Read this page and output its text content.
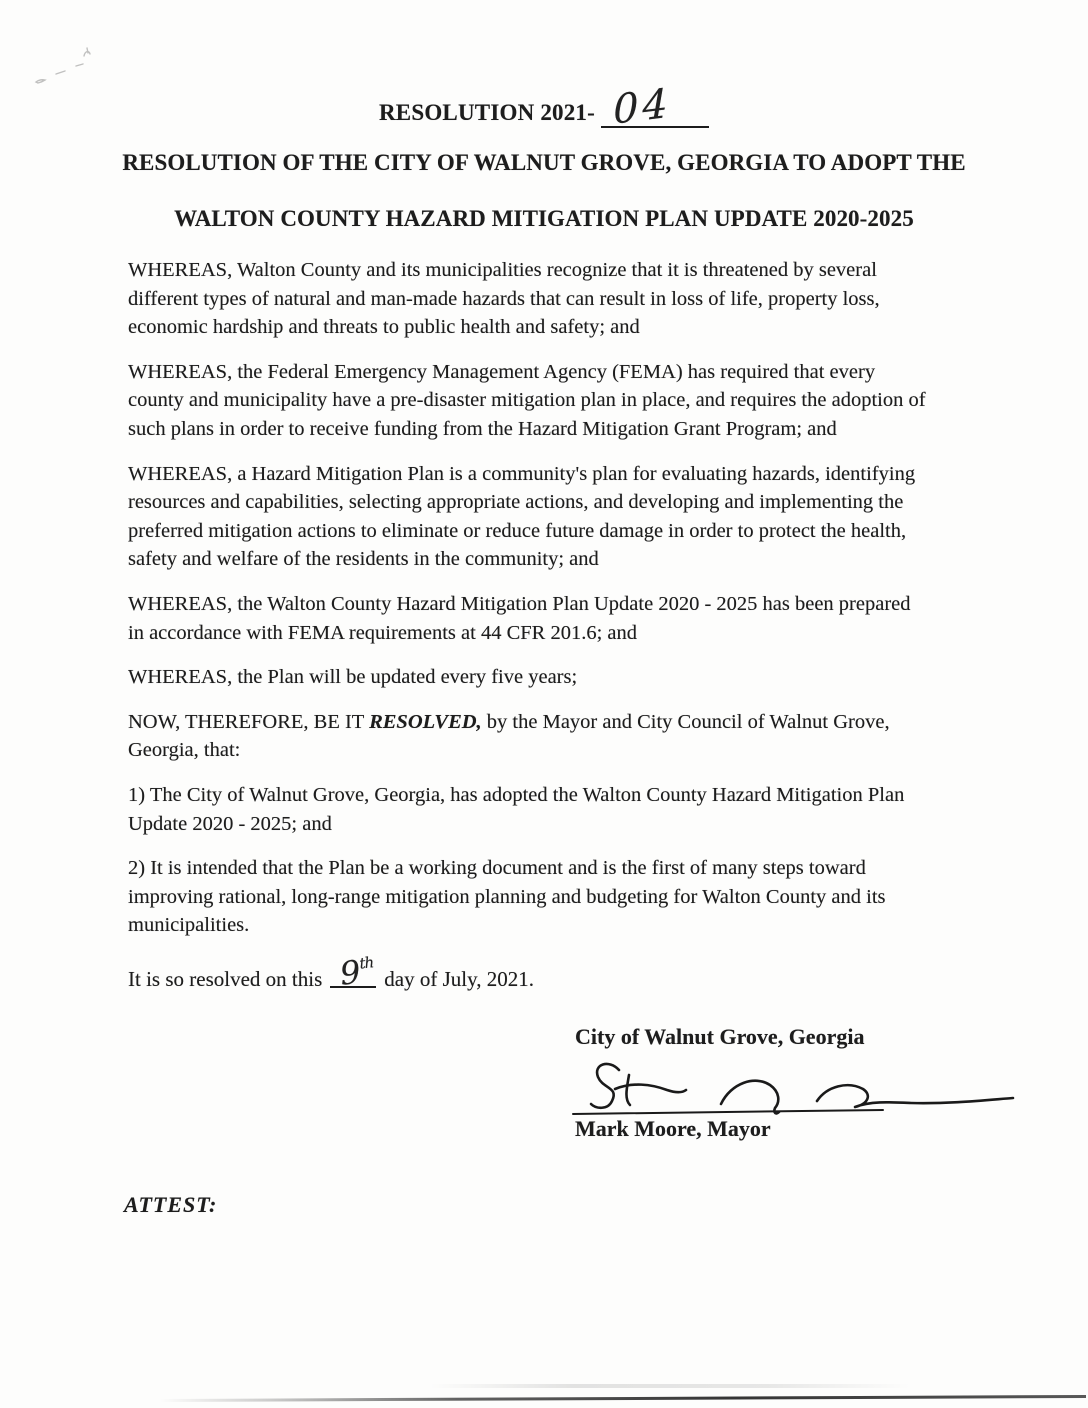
RESOLUTION 2021- 04
RESOLUTION OF THE CITY OF WALNUT GROVE, GEORGIA TO ADOPT THE
WALTON COUNTY HAZARD MITIGATION PLAN UPDATE 2020-2025

WHEREAS, Walton County and its municipalities recognize that it is threatened by several
different types of natural and man-made hazards that can result in loss of life, property loss,
economic hardship and threats to public health and safety; and

WHEREAS, the Federal Emergency Management Agency (FEMA) has required that every
county and municipality have a pre-disaster mitigation plan in place, and requires the adoption of
such plans in order to receive funding from the Hazard Mitigation Grant Program; and

WHEREAS, a Hazard Mitigation Plan is a community's plan for evaluating hazards, identifying
resources and capabilities, selecting appropriate actions, and developing and implementing the
preferred mitigation actions to eliminate or reduce future damage in order to protect the health,
safety and welfare of the residents in the community; and

WHEREAS, the Walton County Hazard Mitigation Plan Update 2020 - 2025 has been prepared
in accordance with FEMA requirements at 44 CFR 201.6; and

WHEREAS, the Plan will be updated every five years;

NOW, THEREFORE, BE IT RESOLVED, by the Mayor and City Council of Walnut Grove,
Georgia, that:

1) The City of Walnut Grove, Georgia, has adopted the Walton County Hazard Mitigation Plan
Update 2020 - 2025; and

2) It is intended that the Plan be a working document and is the first of many steps toward
improving rational, long-range mitigation planning and budgeting for Walton County and its
municipalities.

It is so resolved on this 9th
day of July, 2021.

City of Walnut Grove, Georgia
Mark Moore, Mayor
ATTEST:
